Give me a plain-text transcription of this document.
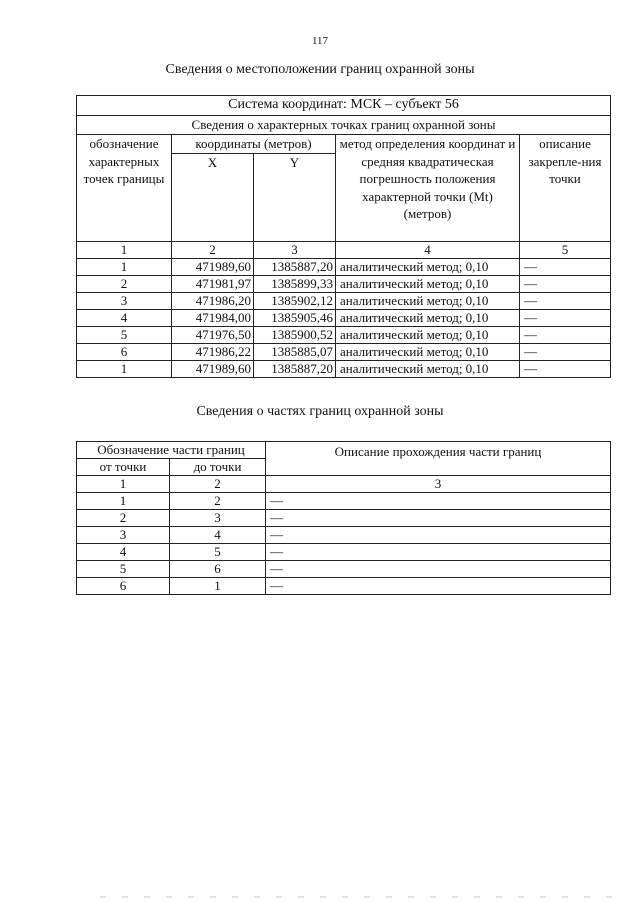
117
Сведения о местоположении границ охранной зоны
Система координат: МСК – субъект 56				
Сведения о характерных точках границ охранной зоны				
обозначение характерных точек границы	координаты (метров)		метод определения координат и средняя квадратическая погрешность положения характерной точки (Mt) (метров)	описание закрепле-ния точки
	X	Y		
1	2	3	4	5
1	471989,60	1385887,20	аналитический метод; 0,10	—
2	471981,97	1385899,33	аналитический метод; 0,10	—
3	471986,20	1385902,12	аналитический метод; 0,10	—
4	471984,00	1385905,46	аналитический метод; 0,10	—
5	471976,50	1385900,52	аналитический метод; 0,10	—
6	471986,22	1385885,07	аналитический метод; 0,10	—
1	471989,60	1385887,20	аналитический метод; 0,10	—
Сведения о частях границ охранной зоны
Обозначение части границ		Описание прохождения части границ
от точки	до точки	
1	2	3
1	2	—
2	3	—
3	4	—
4	5	—
5	6	—
6	1	—
